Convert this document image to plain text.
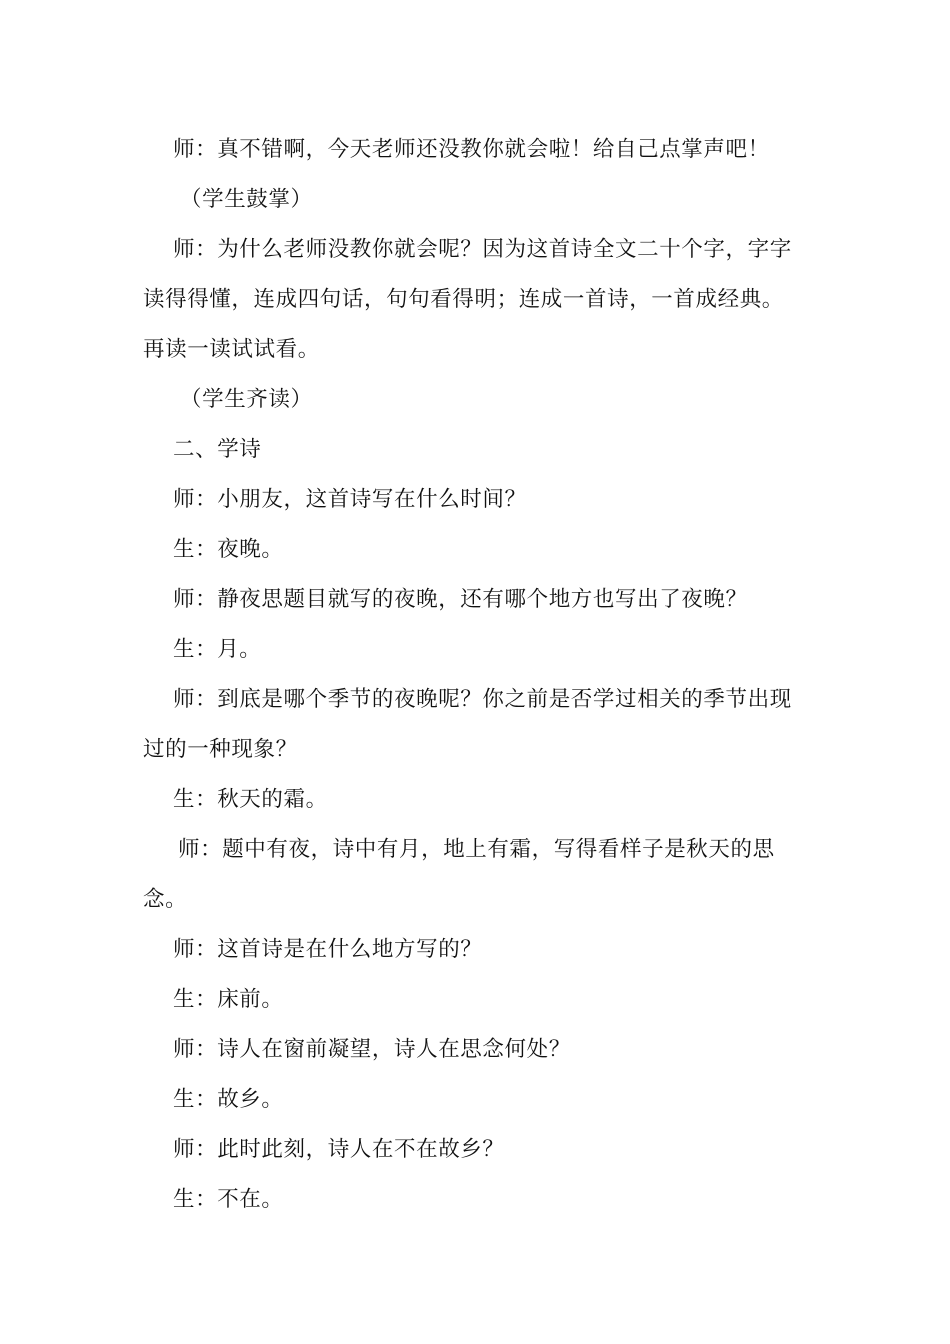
师：真不错啊，今天老师还没教你就会啦！给自己点掌声吧！
（学生鼓掌）
师：为什么老师没教你就会呢？因为这首诗全文二十个字，字字
读得得懂，连成四句话，句句看得明；连成一首诗，一首成经典。
再读一读试试看。
（学生齐读）
二、学诗
师：小朋友，这首诗写在什么时间？
生：夜晚。
师：静夜思题目就写的夜晚，还有哪个地方也写出了夜晚？
生：月。
师：到底是哪个季节的夜晚呢？你之前是否学过相关的季节出现
过的一种现象？
生：秋天的霜。
师：题中有夜，诗中有月，地上有霜，写得看样子是秋天的思
念。
师：这首诗是在什么地方写的？
生：床前。
师：诗人在窗前凝望，诗人在思念何处？
生：故乡。
师：此时此刻，诗人在不在故乡？
生：不在。
